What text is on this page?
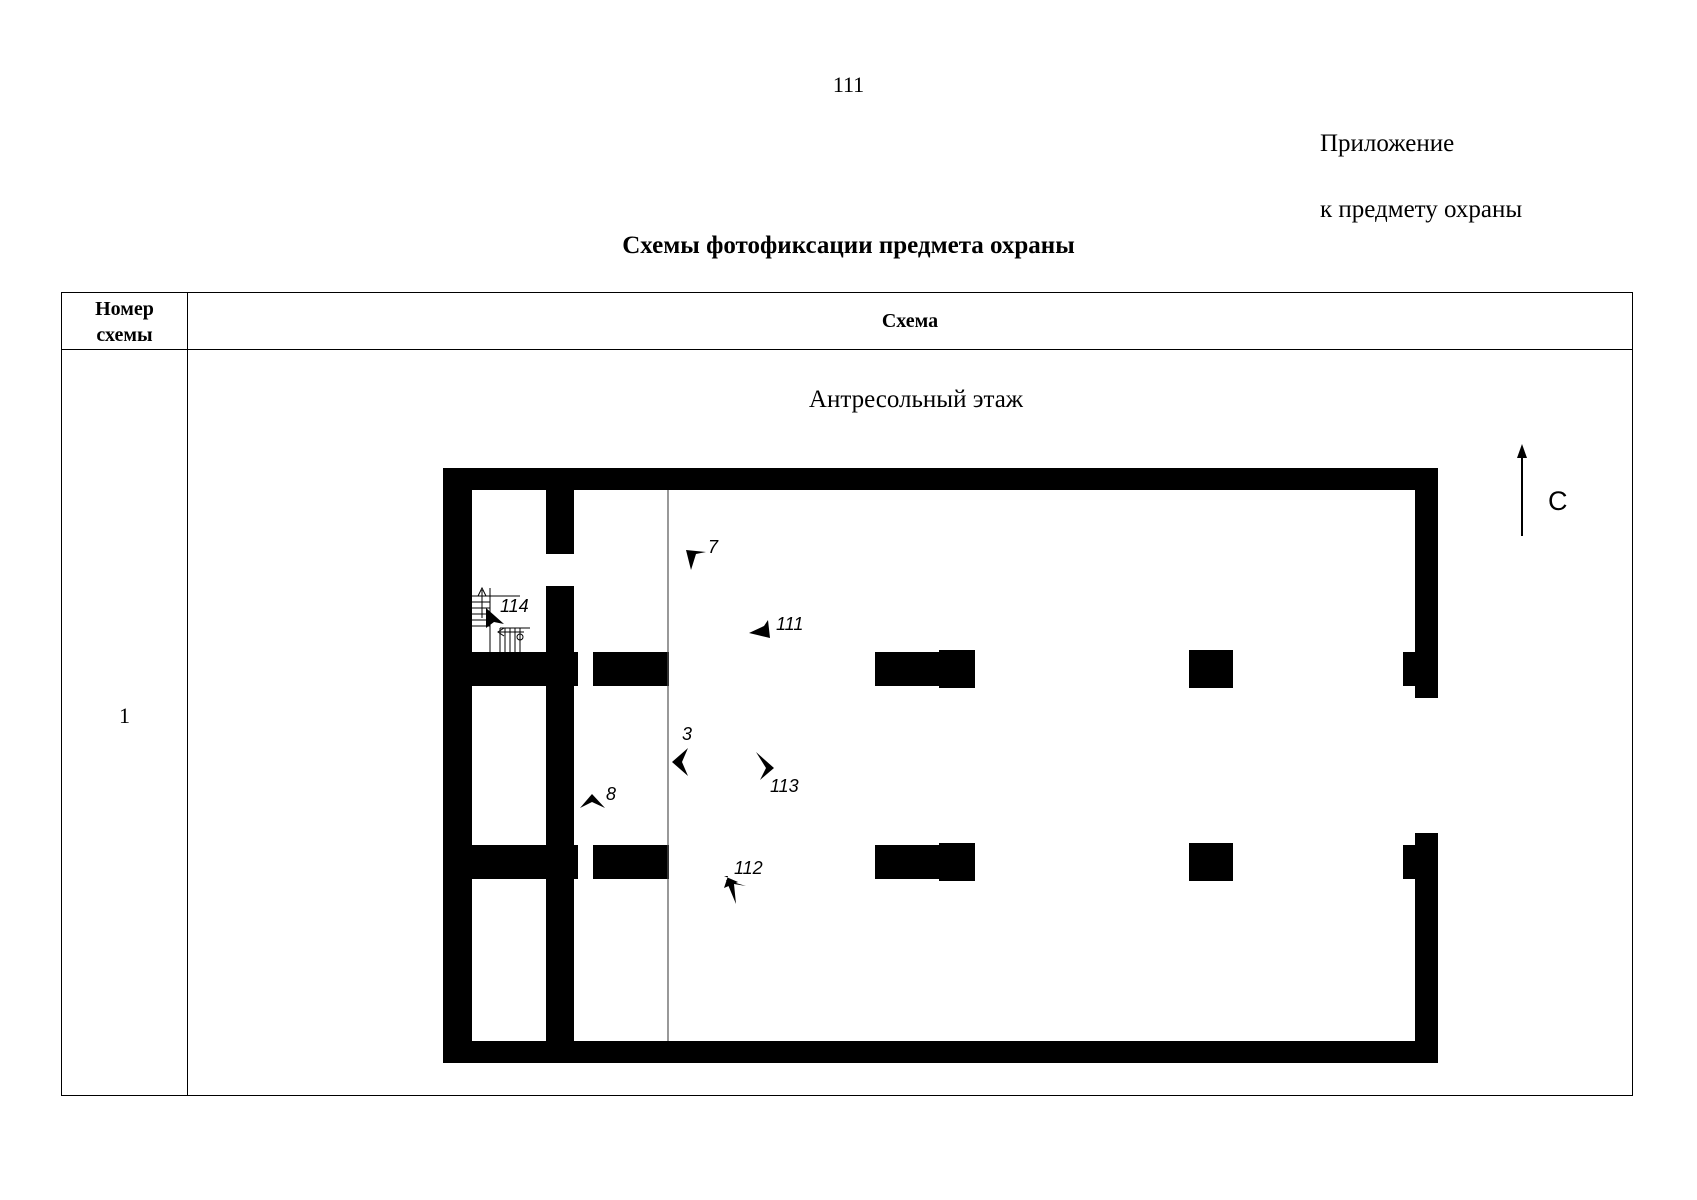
111
Приложение
к предмету охраны
Схемы фотофиксации предмета охраны
Номер
схемы
Схема
1
Антресольный этаж
С
7
111
114
3
113
8
112
